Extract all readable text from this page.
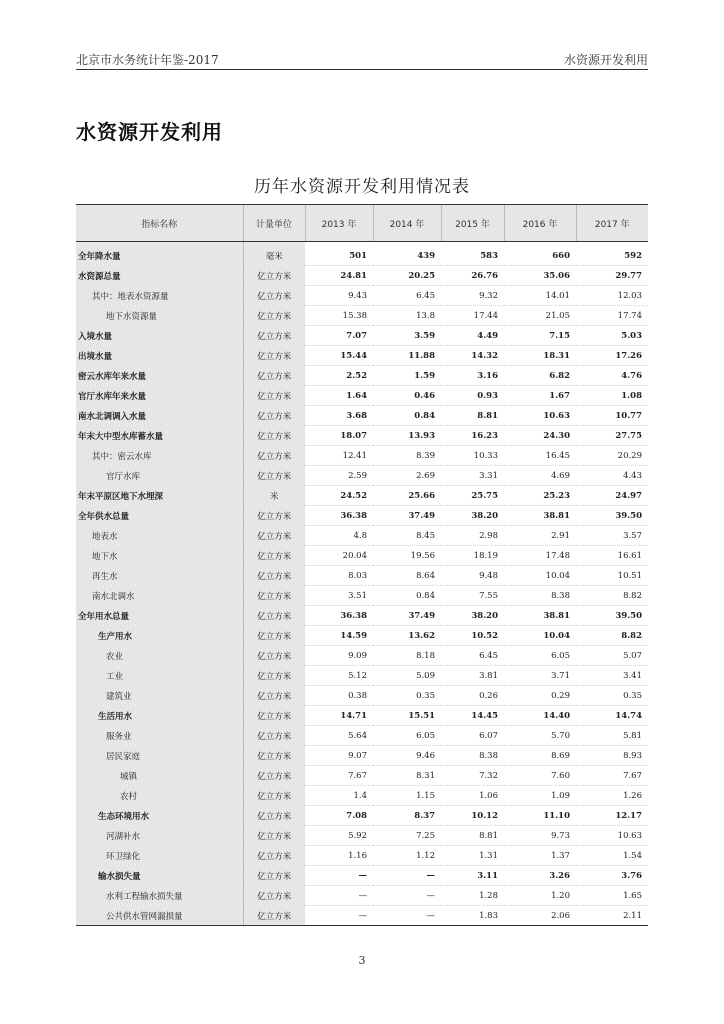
北京市水务统计年鉴-2017	水资源开发利用
水资源开发利用
历年水资源开发利用情况表
指标名称	计量单位	2013 年	2014 年	2015 年	2016 年	2017 年
全年降水量	毫米	501	439	583	660	592
水资源总量	亿立方米	24.81	20.25	26.76	35.06	29.77
其中：地表水资源量	亿立方米	9.43	6.45	9.32	14.01	12.03
地下水资源量	亿立方米	15.38	13.8	17.44	21.05	17.74
入境水量	亿立方米	7.07	3.59	4.49	7.15	5.03
出境水量	亿立方米	15.44	11.88	14.32	18.31	17.26
密云水库年来水量	亿立方米	2.52	1.59	3.16	6.82	4.76
官厅水库年来水量	亿立方米	1.64	0.46	0.93	1.67	1.08
南水北调调入水量	亿立方米	3.68	0.84	8.81	10.63	10.77
年末大中型水库蓄水量	亿立方米	18.07	13.93	16.23	24.30	27.75
其中：密云水库	亿立方米	12.41	8.39	10.33	16.45	20.29
官厅水库	亿立方米	2.59	2.69	3.31	4.69	4.43
年末平原区地下水埋深	米	24.52	25.66	25.75	25.23	24.97
全年供水总量	亿立方米	36.38	37.49	38.20	38.81	39.50
地表水	亿立方米	4.8	8.45	2.98	2.91	3.57
地下水	亿立方米	20.04	19.56	18.19	17.48	16.61
再生水	亿立方米	8.03	8.64	9.48	10.04	10.51
南水北调水	亿立方米	3.51	0.84	7.55	8.38	8.82
全年用水总量	亿立方米	36.38	37.49	38.20	38.81	39.50
生产用水	亿立方米	14.59	13.62	10.52	10.04	8.82
农业	亿立方米	9.09	8.18	6.45	6.05	5.07
工业	亿立方米	5.12	5.09	3.81	3.71	3.41
建筑业	亿立方米	0.38	0.35	0.26	0.29	0.35
生活用水	亿立方米	14.71	15.51	14.45	14.40	14.74
服务业	亿立方米	5.64	6.05	6.07	5.70	5.81
居民家庭	亿立方米	9.07	9.46	8.38	8.69	8.93
城镇	亿立方米	7.67	8.31	7.32	7.60	7.67
农村	亿立方米	1.4	1.15	1.06	1.09	1.26
生态环境用水	亿立方米	7.08	8.37	10.12	11.10	12.17
河湖补水	亿立方米	5.92	7.25	8.81	9.73	10.63
环卫绿化	亿立方米	1.16	1.12	1.31	1.37	1.54
输水损失量	亿立方米	—	—	3.11	3.26	3.76
水利工程输水损失量	亿立方米	—	—	1.28	1.20	1.65
公共供水管网漏损量	亿立方米	—	—	1.83	2.06	2.11
3
